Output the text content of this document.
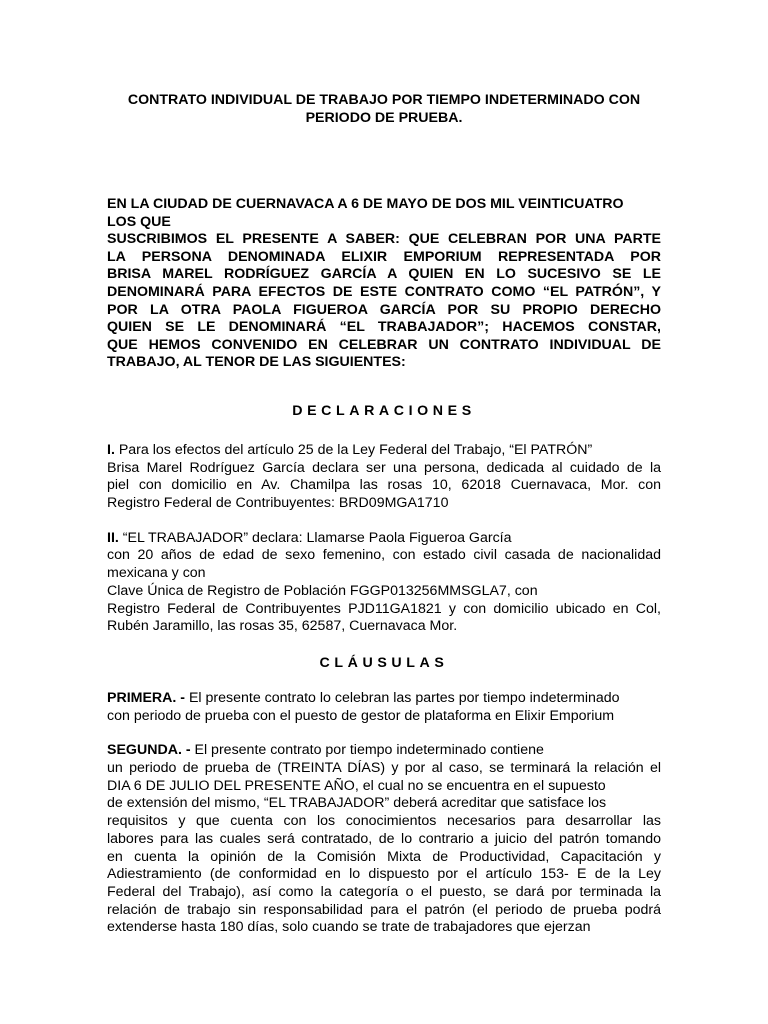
CONTRATO INDIVIDUAL DE TRABAJO POR TIEMPO INDETERMINADO CON
PERIODO DE PRUEBA.
EN LA CIUDAD DE CUERNAVACA A 6 DE MAYO DE DOS MIL VEINTICUATRO
LOS QUE
SUSCRIBIMOS EL PRESENTE A SABER: QUE CELEBRAN POR UNA PARTE
LA PERSONA DENOMINADA ELIXIR EMPORIUM REPRESENTADA POR
BRISA MAREL RODRÍGUEZ GARCÍA A QUIEN EN LO SUCESIVO SE LE
DENOMINARÁ PARA EFECTOS DE ESTE CONTRATO COMO “EL PATRÓN”, Y
POR LA OTRA PAOLA FIGUEROA GARCÍA POR SU PROPIO DERECHO
QUIEN SE LE DENOMINARÁ “EL TRABAJADOR”; HACEMOS CONSTAR,
QUE HEMOS CONVENIDO EN CELEBRAR UN CONTRATO INDIVIDUAL DE
TRABAJO, AL TENOR DE LAS SIGUIENTES:
DECLARACIONES

I. Para los efectos del artículo 25 de la Ley Federal del Trabajo, “El PATRÓN”
Brisa Marel Rodríguez García declara ser una persona, dedicada al cuidado de la
piel con domicilio en Av. Chamilpa las rosas 10, 62018 Cuernavaca, Mor. con
Registro Federal de Contribuyentes: BRD09MGA1710

II. “EL TRABAJADOR” declara: Llamarse Paola Figueroa García
con 20 años de edad de sexo femenino, con estado civil casada de nacionalidad
mexicana y con
Clave Única de Registro de Población FGGP013256MMSGLA7, con
Registro Federal de Contribuyentes PJD11GA1821 y con domicilio ubicado en Col,
Rubén Jaramillo, las rosas 35, 62587, Cuernavaca Mor.

CLÁUSULAS

PRIMERA. - El presente contrato lo celebran las partes por tiempo indeterminado
con periodo de prueba con el puesto de gestor de plataforma en Elixir Emporium

SEGUNDA. - El presente contrato por tiempo indeterminado contiene
un periodo de prueba de (TREINTA DÍAS) y por al caso, se terminará la relación el
DIA 6 DE JULIO DEL PRESENTE AÑO, el cual no se encuentra en el supuesto
de extensión del mismo, “EL TRABAJADOR” deberá acreditar que satisface los
requisitos y que cuenta con los conocimientos necesarios para desarrollar las
labores para las cuales será contratado, de lo contrario a juicio del patrón tomando
en cuenta la opinión de la Comisión Mixta de Productividad, Capacitación y
Adiestramiento (de conformidad en lo dispuesto por el artículo 153- E de la Ley
Federal del Trabajo), así como la categoría o el puesto, se dará por terminada la
relación de trabajo sin responsabilidad para el patrón (el periodo de prueba podrá
extenderse hasta 180 días, solo cuando se trate de trabajadores que ejerzan
